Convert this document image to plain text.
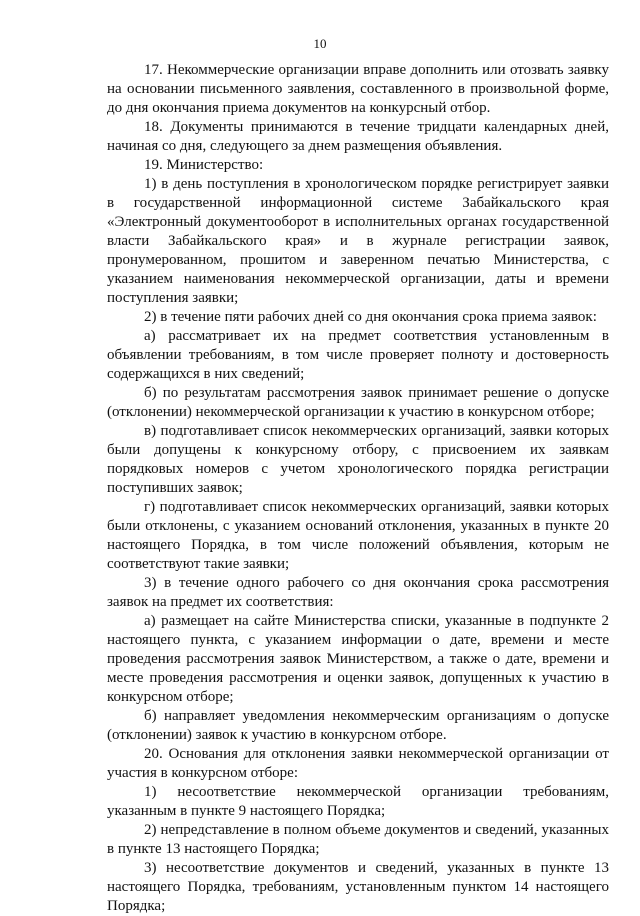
10

17. Некоммерческие организации вправе дополнить или отозвать заявку на основании письменного заявления, составленного в произвольной форме, до дня окончания приема документов на конкурсный отбор.

18. Документы принимаются в течение тридцати календарных дней, начиная со дня, следующего за днем размещения объявления.

19. Министерство:

1) в день поступления в хронологическом порядке регистрирует заявки в государственной информационной системе Забайкальского края «Электронный документооборот в исполнительных органах государственной власти Забайкальского края» и в журнале регистрации заявок, пронумерованном, прошитом и заверенном печатью Министерства, с указанием наименования некоммерческой организации, даты и времени поступления заявки;

2) в течение пяти рабочих дней со дня окончания срока приема заявок:

а) рассматривает их на предмет соответствия установленным в объявлении требованиям, в том числе проверяет полноту и достоверность содержащихся в них сведений;

б) по результатам рассмотрения заявок принимает решение о допуске (отклонении) некоммерческой организации к участию в конкурсном отборе;

в) подготавливает список некоммерческих организаций, заявки которых были допущены к конкурсному отбору, с присвоением их заявкам порядковых номеров с учетом хронологического порядка регистрации поступивших заявок;

г) подготавливает список некоммерческих организаций, заявки которых были отклонены, с указанием оснований отклонения, указанных в пункте 20 настоящего Порядка, в том числе положений объявления, которым не соответствуют такие заявки;

3) в течение одного рабочего со дня окончания срока рассмотрения заявок на предмет их соответствия:

а) размещает на сайте Министерства списки, указанные в подпункте 2 настоящего пункта, с указанием информации о дате, времени и месте проведения рассмотрения заявок Министерством, а также о дате, времени и месте проведения рассмотрения и оценки заявок, допущенных к участию в конкурсном отборе;

б) направляет уведомления некоммерческим организациям о допуске (отклонении) заявок к участию в конкурсном отборе.

20. Основания для отклонения заявки некоммерческой организации от участия в конкурсном отборе:

1) несоответствие некоммерческой организации требованиям, указанным в пункте 9 настоящего Порядка;

2) непредставление в полном объеме документов и сведений, указанных в пункте 13 настоящего Порядка;

3) несоответствие документов и сведений, указанных в пункте 13 настоящего Порядка, требованиям, установленным пунктом 14 настоящего Порядка;
